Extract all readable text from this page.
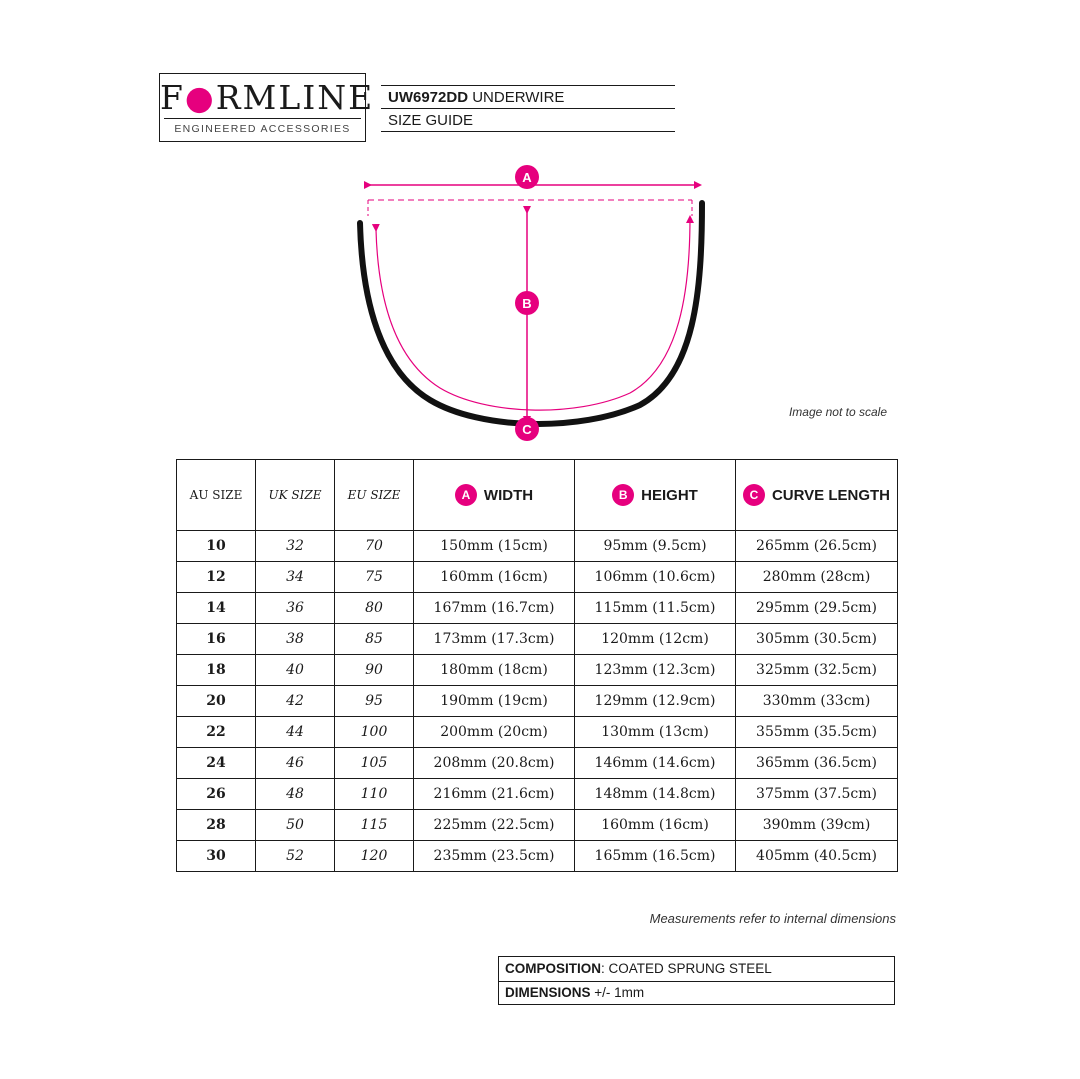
F●RMLINE
ENGINEERED ACCESSORIES
UW6972DD UNDERWIRE
SIZE GUIDE
A
B
C
Image not to scale
AU SIZE	UK SIZE	EU SIZE	A WIDTH	B HEIGHT	C CURVE LENGTH

10	32	70	150mm (15cm)	95mm (9.5cm)	265mm (26.5cm)
12	34	75	160mm (16cm)	106mm (10.6cm)	280mm (28cm)
14	36	80	167mm (16.7cm)	115mm (11.5cm)	295mm (29.5cm)
16	38	85	173mm (17.3cm)	120mm (12cm)	305mm (30.5cm)
18	40	90	180mm (18cm)	123mm (12.3cm)	325mm (32.5cm)
20	42	95	190mm (19cm)	129mm (12.9cm)	330mm (33cm)
22	44	100	200mm (20cm)	130mm (13cm)	355mm (35.5cm)
24	46	105	208mm (20.8cm)	146mm (14.6cm)	365mm (36.5cm)
26	48	110	216mm (21.6cm)	148mm (14.8cm)	375mm (37.5cm)
28	50	115	225mm (22.5cm)	160mm (16cm)	390mm (39cm)
30	52	120	235mm (23.5cm)	165mm (16.5cm)	405mm (40.5cm)
Measurements refer to internal dimensions
COMPOSITION: COATED SPRUNG STEEL
DIMENSIONS +/- 1mm
